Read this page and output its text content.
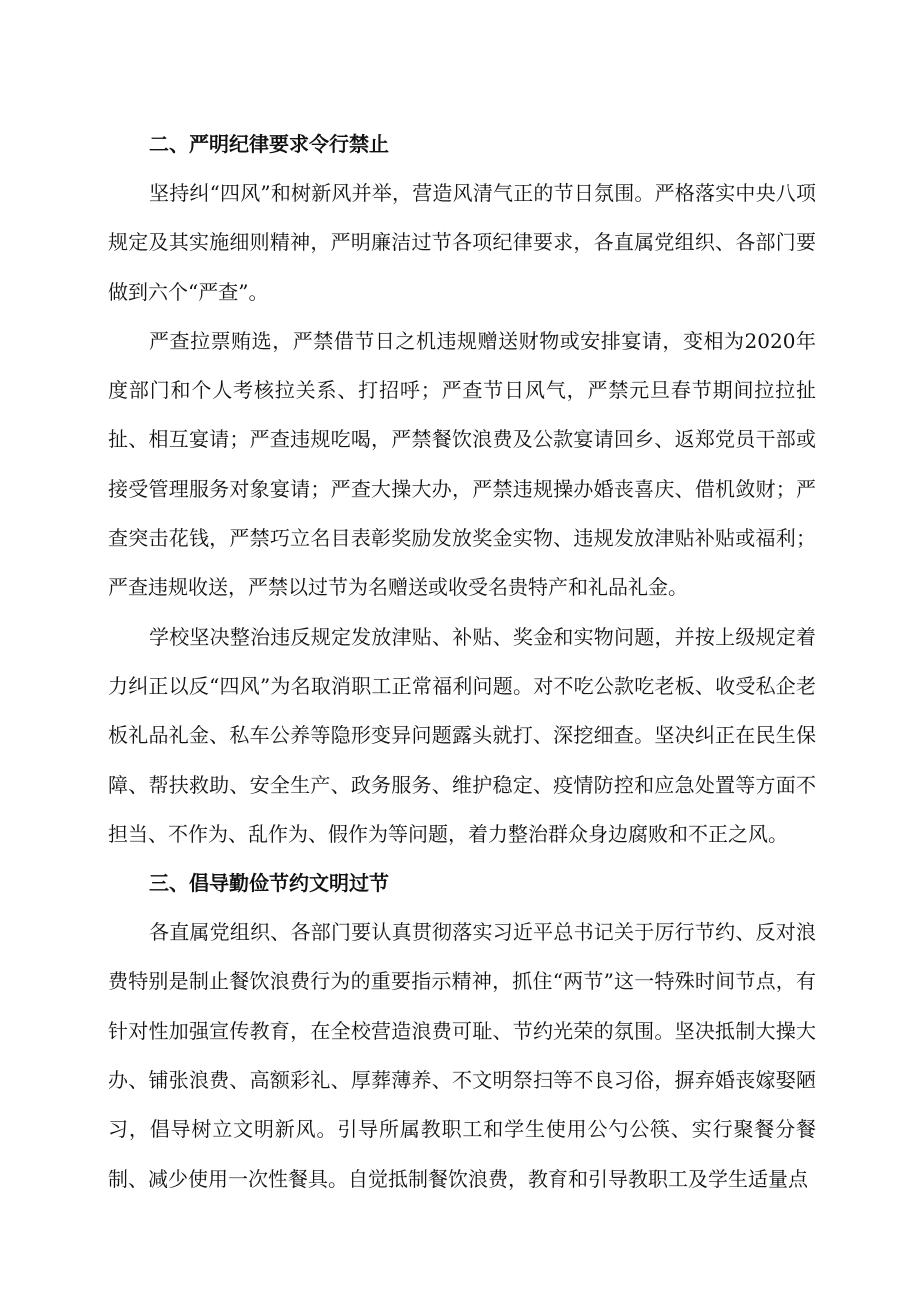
二、严明纪律要求令行禁止

坚持纠“四风”和树新风并举，营造风清气正的节日氛围。严格落实中央八项规定及其实施细则精神，严明廉洁过节各项纪律要求，各直属党组织、各部门要做到六个“严查”。

严查拉票贿选，严禁借节日之机违规赠送财物或安排宴请，变相为2020年度部门和个人考核拉关系、打招呼；严查节日风气，严禁元旦春节期间拉拉扯扯、相互宴请；严查违规吃喝，严禁餐饮浪费及公款宴请回乡、返郑党员干部或接受管理服务对象宴请；严查大操大办，严禁违规操办婚丧喜庆、借机敛财；严查突击花钱，严禁巧立名目表彰奖励发放奖金实物、违规发放津贴补贴或福利；严查违规收送，严禁以过节为名赠送或收受名贵特产和礼品礼金。

学校坚决整治违反规定发放津贴、补贴、奖金和实物问题，并按上级规定着力纠正以反“四风”为名取消职工正常福利问题。对不吃公款吃老板、收受私企老板礼品礼金、私车公养等隐形变异问题露头就打、深挖细查。坚决纠正在民生保障、帮扶救助、安全生产、政务服务、维护稳定、疫情防控和应急处置等方面不担当、不作为、乱作为、假作为等问题，着力整治群众身边腐败和不正之风。

三、倡导勤俭节约文明过节

各直属党组织、各部门要认真贯彻落实习近平总书记关于厉行节约、反对浪费特别是制止餐饮浪费行为的重要指示精神，抓住“两节”这一特殊时间节点，有针对性加强宣传教育，在全校营造浪费可耻、节约光荣的氛围。坚决抵制大操大办、铺张浪费、高额彩礼、厚葬薄养、不文明祭扫等不良习俗，摒弃婚丧嫁娶陋习，倡导树立文明新风。引导所属教职工和学生使用公勺公筷、实行聚餐分餐制、减少使用一次性餐具。自觉抵制餐饮浪费，教育和引导教职工及学生适量点
